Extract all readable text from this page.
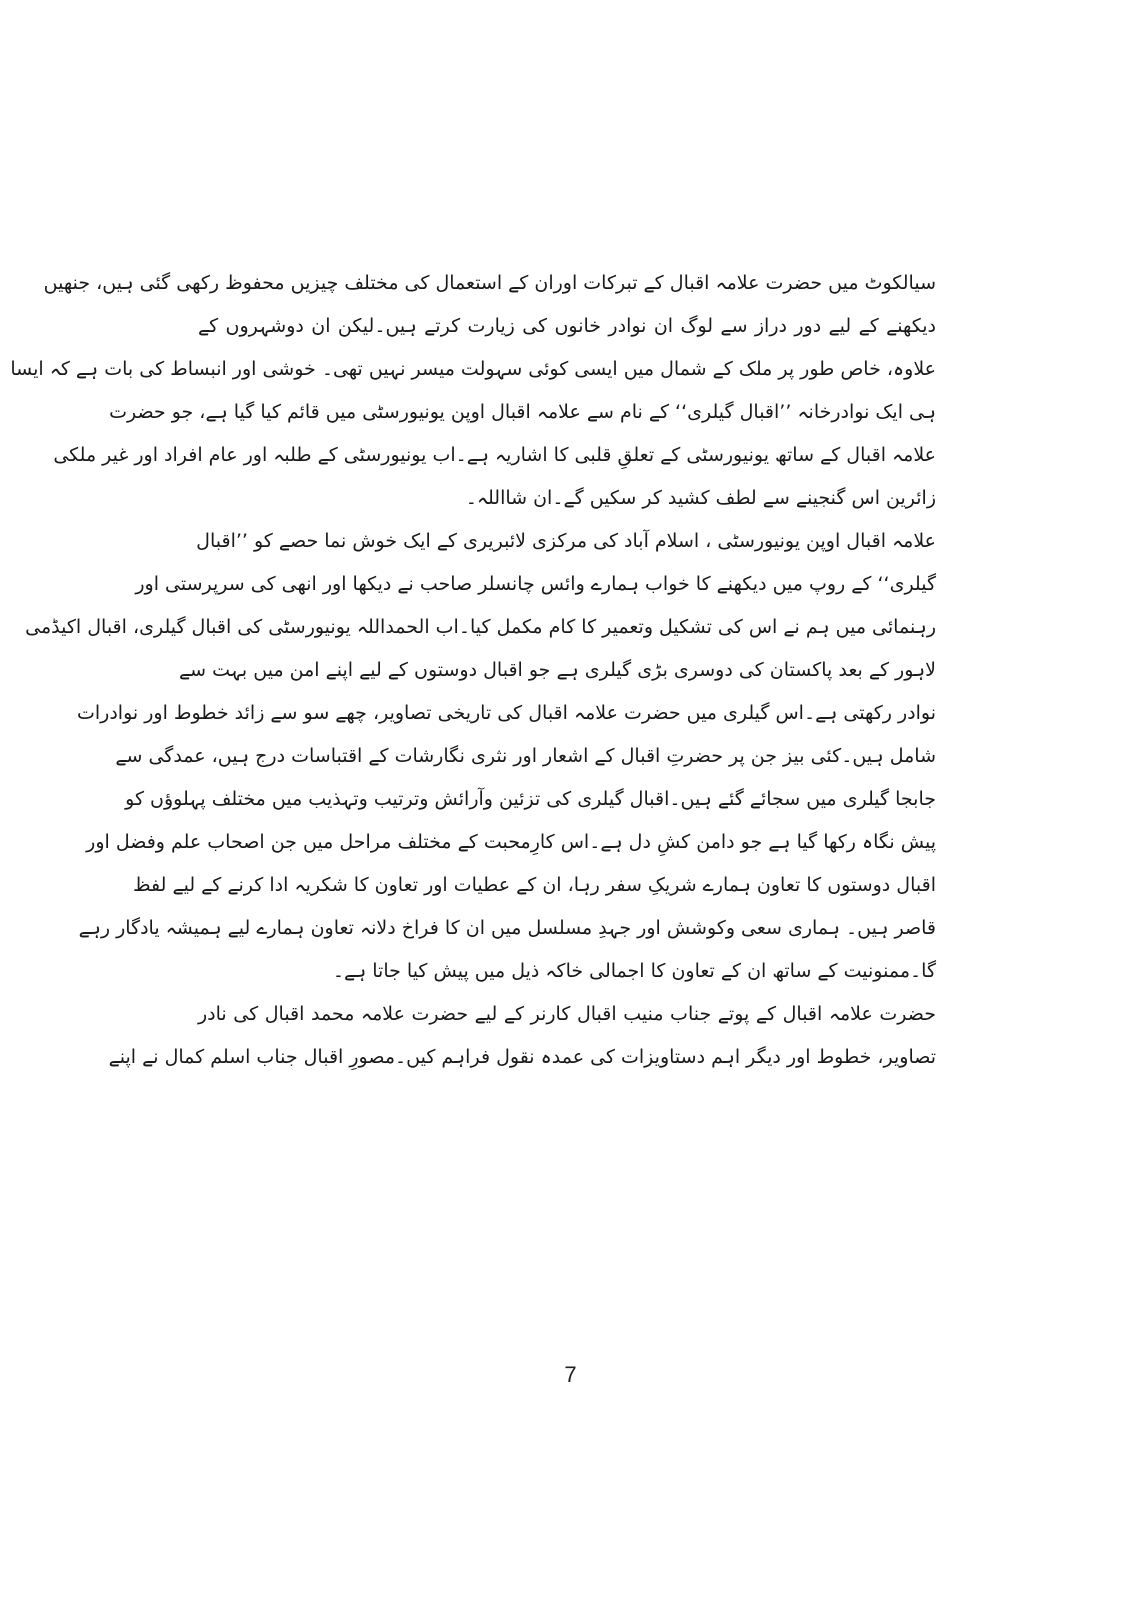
سیالکوٹ میں حضرت علامہ اقبال کے تبرکات اوران کے استعمال کی مختلف چیزیں محفوظ رکھی گئی ہیں، جنھیں
دیکھنے کے لیے دور دراز سے لوگ ان نوادر خانوں کی زیارت کرتے ہیں۔لیکن ان دوشہروں کے
علاوہ، خاص طور پر ملک کے شمال میں ایسی کوئی سہولت میسر نہیں تھی۔ خوشی اور انبساط کی بات ہے کہ ایسا
ہی ایک نوادرخانہ ’’اقبال گیلری‘‘ کے نام سے علامہ اقبال اوپن یونیورسٹی میں قائم کیا گیا ہے، جو حضرت
علامہ اقبال کے ساتھ یونیورسٹی کے تعلقِ قلبی کا اشاریہ ہے۔اب یونیورسٹی کے طلبہ اور عام افراد اور غیر ملکی
زائرین اس گنجینے سے لطف کشید کر سکیں گے۔ان شااللہ۔
علامہ اقبال اوپن یونیورسٹی ، اسلام آباد کی مرکزی لائبریری کے ایک خوش نما حصے کو ’’اقبال
گیلری‘‘ کے روپ میں دیکھنے کا خواب ہمارے وائس چانسلر صاحب نے دیکھا اور انھی کی سرپرستی اور
رہنمائی میں ہم نے اس کی تشکیل وتعمیر کا کام مکمل کیا۔اب الحمداللہ یونیورسٹی کی اقبال گیلری، اقبال اکیڈمی
لاہور کے بعد پاکستان کی دوسری بڑی گیلری ہے جو اقبال دوستوں کے لیے اپنے امن میں بہت سے
نوادر رکھتی ہے۔اس گیلری میں حضرت علامہ اقبال کی تاریخی تصاویر، چھے سو سے زائد خطوط اور نوادرات
شامل ہیں۔کئی بیز جن پر حضرتِ اقبال کے اشعار اور نثری نگارشات کے اقتباسات درج ہیں، عمدگی سے
جابجا گیلری میں سجائے گئے ہیں۔اقبال گیلری کی تزئین وآرائش وترتیب وتہذیب میں مختلف پہلوؤں کو
پیش نگاہ رکھا گیا ہے جو دامن کشِ دل ہے۔اس کارِمحبت کے مختلف مراحل میں جن اصحاب علم وفضل اور
اقبال دوستوں کا تعاون ہمارے شریکِ سفر رہا، ان کے عطیات اور تعاون کا شکریہ ادا کرنے کے لیے لفظ
قاصر ہیں۔ ہماری سعی وکوشش اور جہدِ مسلسل میں ان کا فراخ دلانہ تعاون ہمارے لیے ہمیشہ یادگار رہے
گا۔ممنونیت کے ساتھ ان کے تعاون کا اجمالی خاکہ ذیل میں پیش کیا جاتا ہے۔
حضرت علامہ اقبال کے پوتے جناب منیب اقبال کارنر کے لیے حضرت علامہ محمد اقبال کی نادر
تصاویر، خطوط اور دیگر اہم دستاویزات کی عمدہ نقول فراہم کیں۔مصورِ اقبال جناب اسلم کمال نے اپنے
7
